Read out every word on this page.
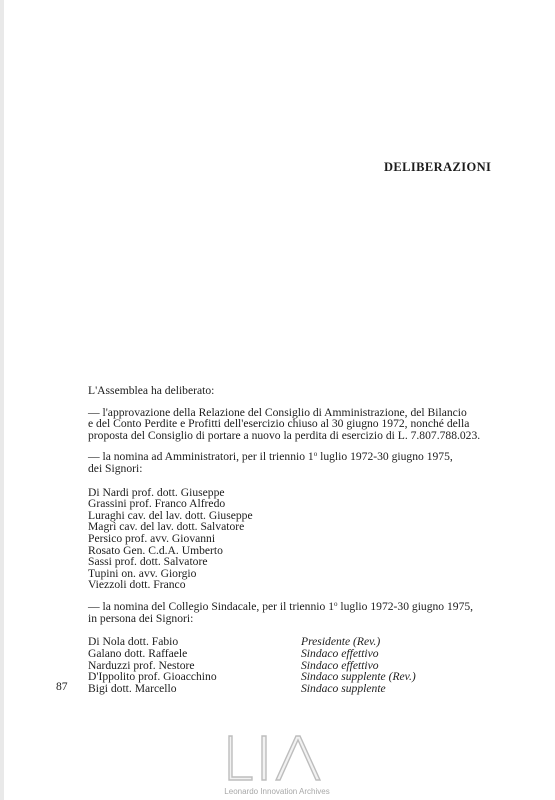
DELIBERAZIONI
L'Assemblea ha deliberato:
— l'approvazione della Relazione del Consiglio di Amministrazione, del Bilancio
e del Conto Perdite e Profitti dell'esercizio chiuso al 30 giugno 1972, nonché della
proposta del Consiglio di portare a nuovo la perdita di esercizio di L. 7.807.788.023.
— la nomina ad Amministratori, per il triennio 1$^o$ luglio 1972-30 giugno 1975,
dei Signori:
Di Nardi prof. dott. Giuseppe
Grassini prof. Franco Alfredo
Luraghi cav. del lav. dott. Giuseppe
Magrì cav. del lav. dott. Salvatore
Persico prof. avv. Giovanni
Rosato Gen. C.d.A. Umberto
Sassi prof. dott. Salvatore
Tupini on. avv. Giorgio
Viezzoli dott. Franco
— la nomina del Collegio Sindacale, per il triennio 1$^o$ luglio 1972-30 giugno 1975,
in persona dei Signori:
Di Nola dott. Fabio	Presidente (Rev.)
Galano dott. Raffaele	Sindaco effettivo
Narduzzi prof. Nestore	Sindaco effettivo
D'Ippolito prof. Gioacchino	Sindaco supplente (Rev.)
Bigi dott. Marcello	Sindaco supplente
87
Leonardo Innovation Archives
